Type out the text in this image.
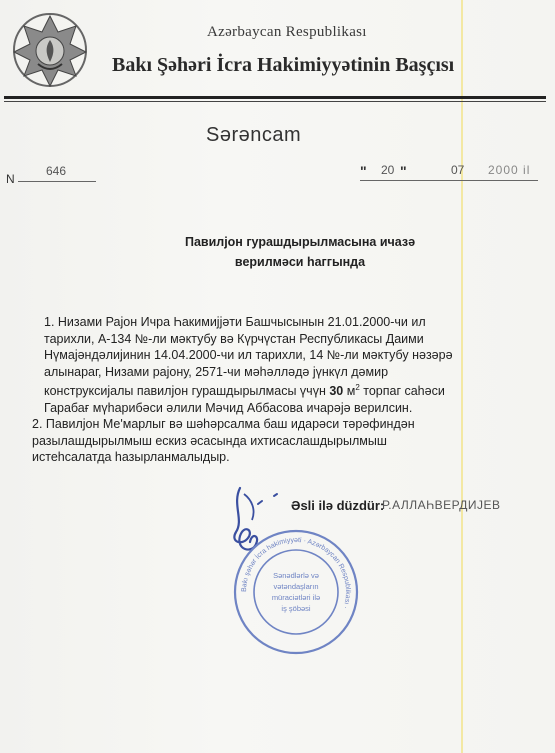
Azərbaycan Respublikası
Bakı Şəhəri İcra Hakimiyyətinin Başçısı
Sərəncam
N
646	" 20 "	07 2000 il
Павилјон гурашдырылмасына ичазә
верилмәси һаггында

1. Низами Рајон Ичра Һакимијјәти Башчысынын 21.01.2000-чи ил
тарихли, А-134 №-ли мәктубу вә Күрчүстан Республикасы Даими
Нүмајәндәлијинин 14.04.2000-чи ил тарихли, 14 №-ли мәктубу нәзәрә
алынараг, Низами рајону, 2571-чи мәһәлләдә јүнкүл дәмир
конструксијалы павилјон гурашдырылмасы үчүн 30 $м^2$ торпаг саһәси
Гарабағ мүһарибәси әлили Мәчид Аббасова ичарәјә верилсин.

2. Павилјон Ме'марлыг вә шәһәрсалма баш идарәси тәрәфиндән
разылашдырылмыш ескиз әсасында ихтисаслашдырылмыш
истеһсалатда һазырланмалыдыр.

Əsli ilə düzdür:
Р.АЛЛАҺВЕРДИЈЕВ
Bakı şəhər İcra hakimiyyəti · Azərbaycan Respublikası ·
Sənədlərlə və
vətəndaşların
müraciətləri ilə
iş şöbəsi
